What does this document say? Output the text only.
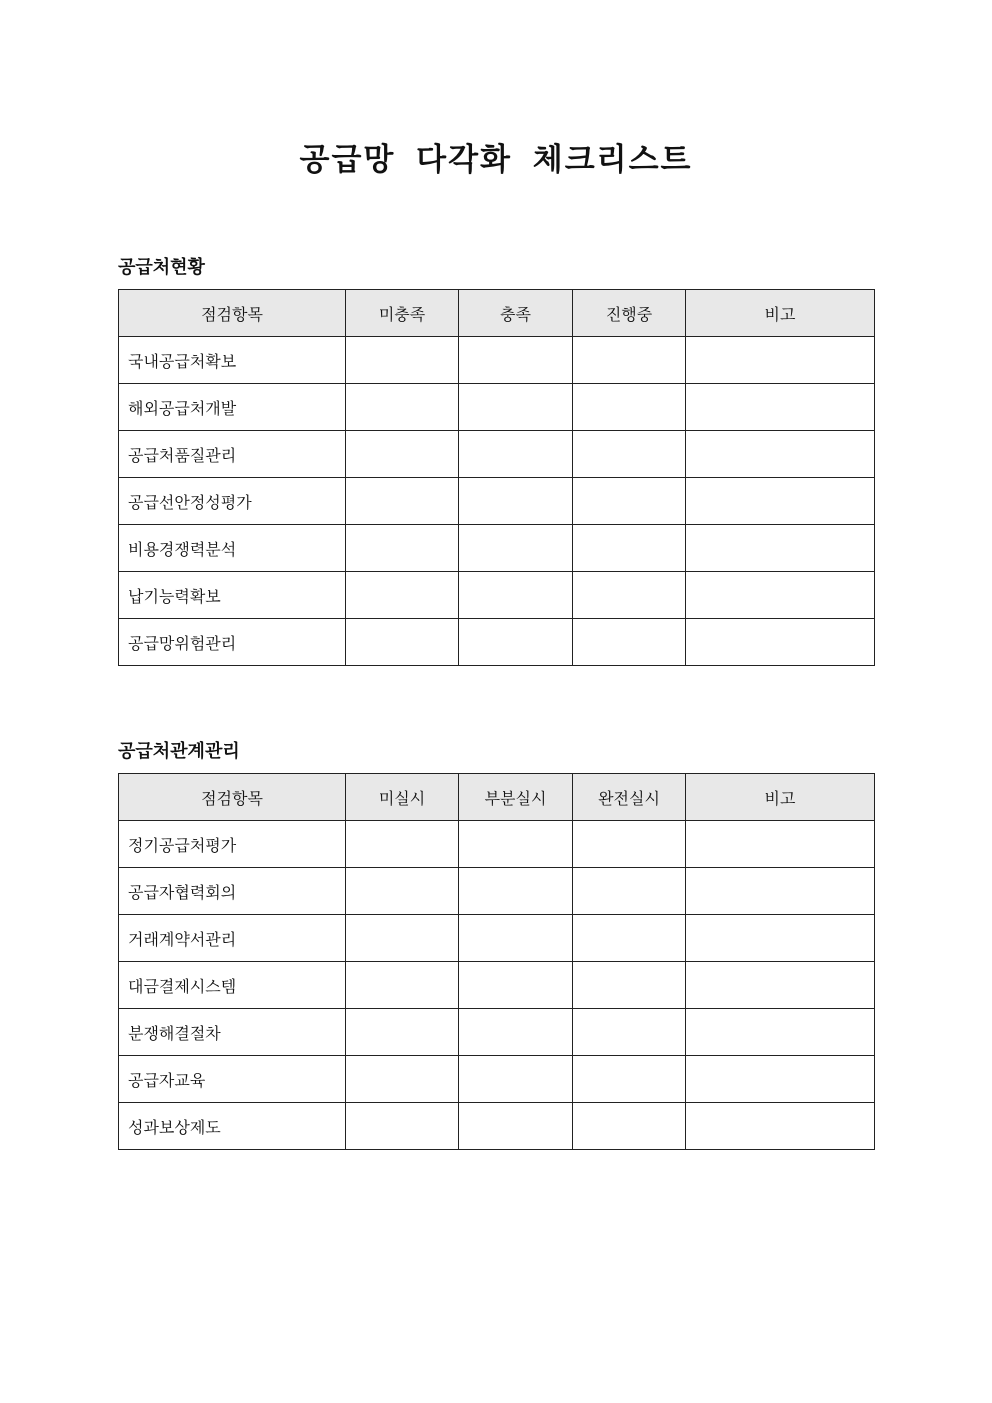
공급망 다각화 체크리스트
공급처현황
점검항목	미충족	충족	진행중	비고
국내공급처확보				
해외공급처개발				
공급처품질관리				
공급선안정성평가				
비용경쟁력분석				
납기능력확보				
공급망위험관리				
공급처관계관리
점검항목	미실시	부분실시	완전실시	비고
정기공급처평가				
공급자협력회의				
거래계약서관리				
대금결제시스템				
분쟁해결절차				
공급자교육				
성과보상제도				
